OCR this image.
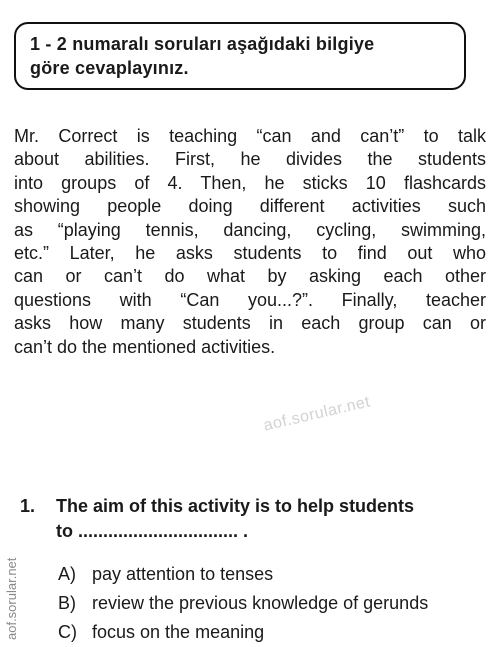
1 - 2 numaralı soruları aşağıdaki bilgiye
göre cevaplayınız.
Mr. Correct is teaching “can and can’t” to talk
about abilities. First, he divides the students
into groups of 4. Then, he sticks 10 flashcards
showing people doing different activities such
as “playing tennis, dancing, cycling, swimming,
etc.” Later, he asks students to find out who
can or can’t do what by asking each other
questions with “Can you...?”. Finally, teacher
asks how many students in each group can or
can’t do the mentioned activities.
aof.sorular.net
aof.sorular.net
1. The aim of this activity is to help students
to ................................ .
A) pay attention to tenses
B) review the previous knowledge of gerunds
C) focus on the meaning
